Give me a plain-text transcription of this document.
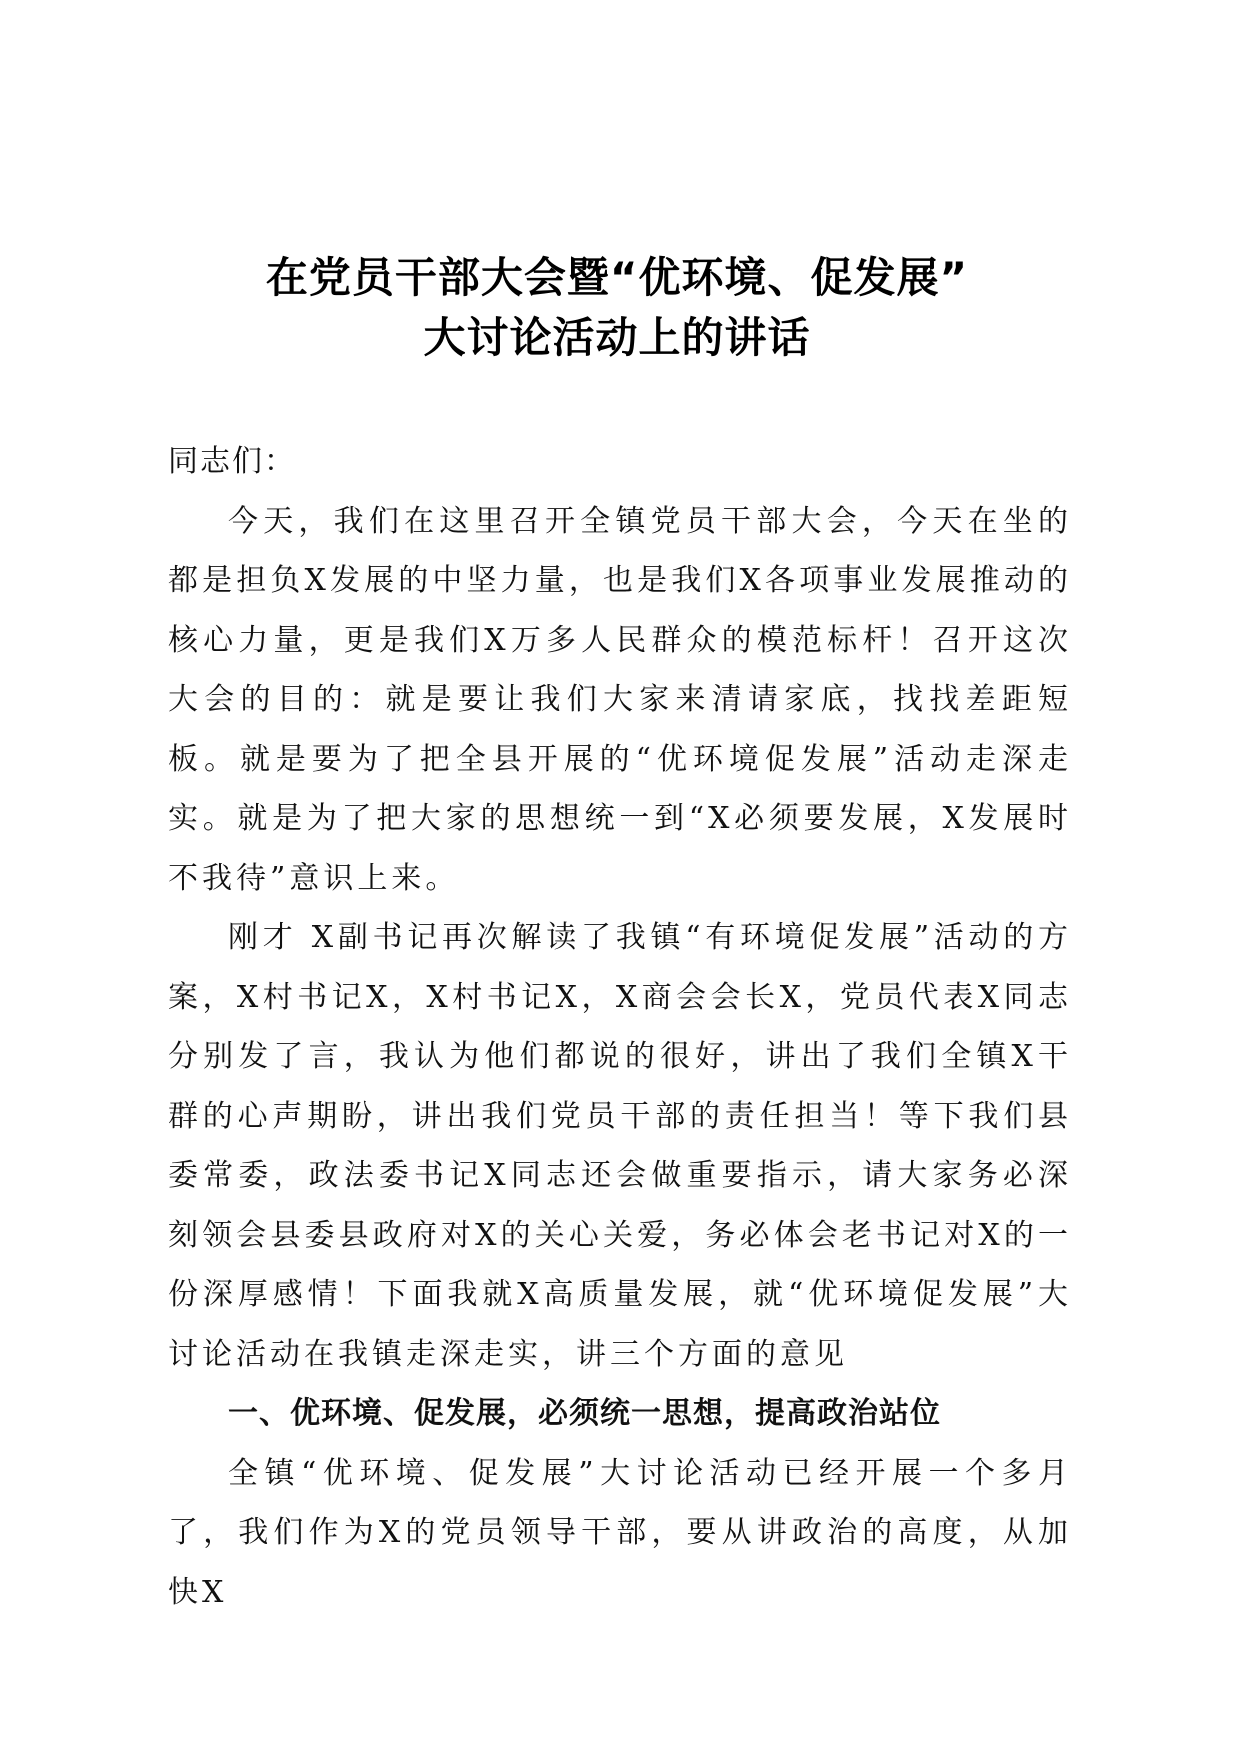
在党员干部大会暨“优环境、促发展”
大讨论活动上的讲话

同志们：

今天，我们在这里召开全镇党员干部大会，今天在坐的都是担负X发展的中坚力量，也是我们X各项事业发展推动的核心力量，更是我们X万多人民群众的模范标杆！召开这次大会的目的：就是要让我们大家来清请家底，找找差距短板。就是要为了把全县开展的“优环境促发展”活动走深走实。就是为了把大家的思想统一到“X必须要发展，X发展时不我待”意识上来。

刚才 X副书记再次解读了我镇“有环境促发展”活动的方案，X村书记X，X村书记X，X商会会长X，党员代表X同志分别发了言，我认为他们都说的很好，讲出了我们全镇X干群的心声期盼，讲出我们党员干部的责任担当！等下我们县委常委，政法委书记X同志还会做重要指示，请大家务必深刻领会县委县政府对X的关心关爱，务必体会老书记对X的一份深厚感情！下面我就X高质量发展，就“优环境促发展”大讨论活动在我镇走深走实，讲三个方面的意见

一、优环境、促发展，必须统一思想，提高政治站位

全镇“优环境、促发展”大讨论活动已经开展一个多月了，我们作为X的党员领导干部，要从讲政治的高度，从加快X
